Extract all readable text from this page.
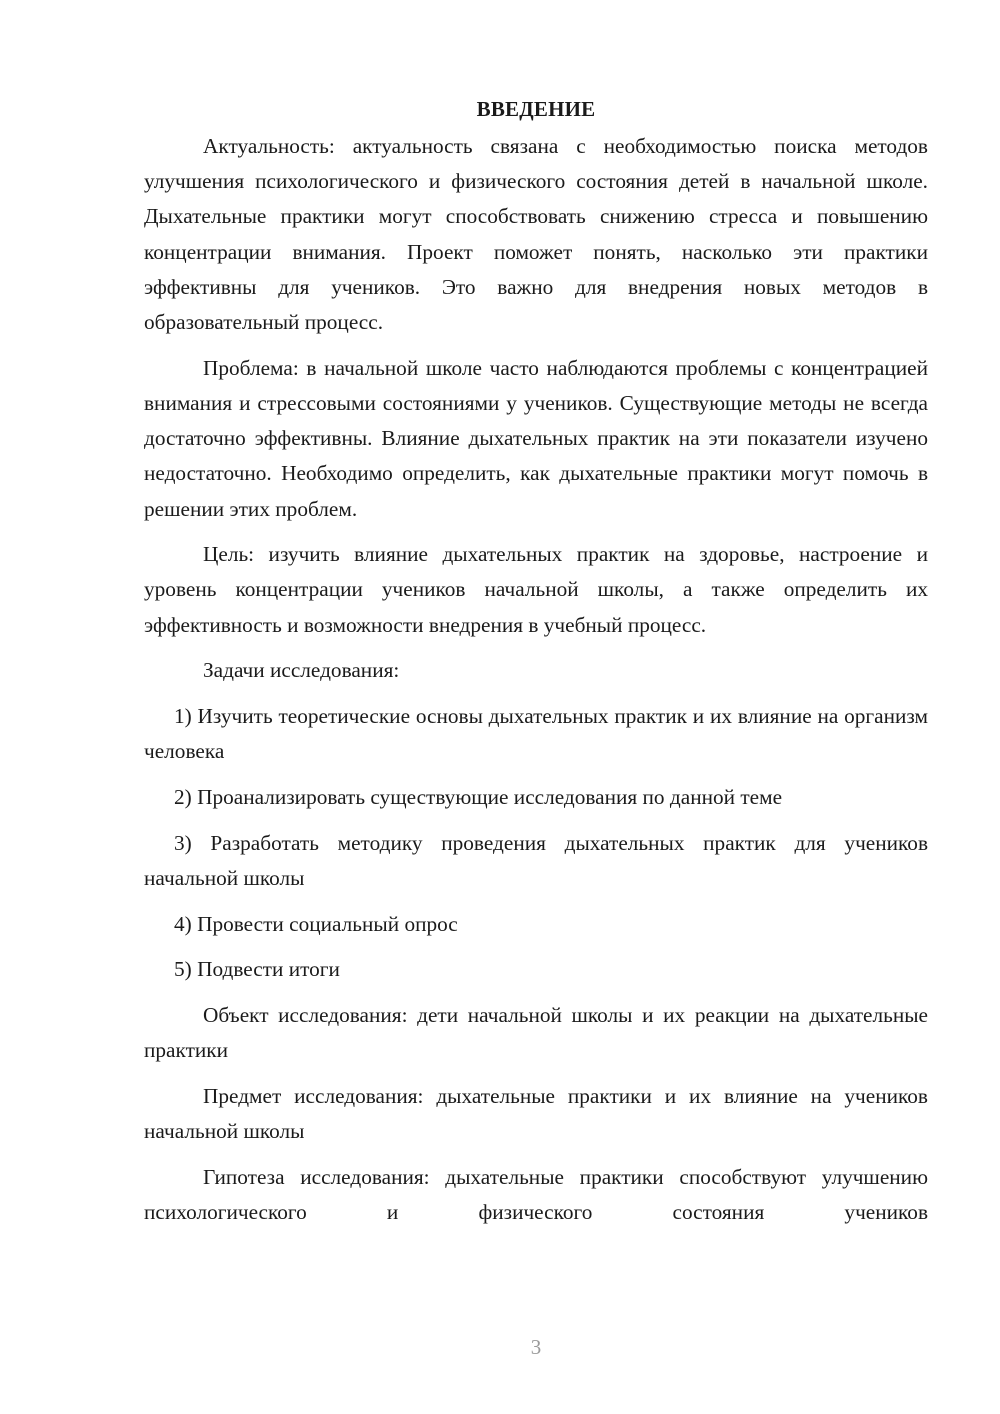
ВВЕДЕНИЕ

Актуальность: актуальность связана с необходимостью поиска методов улучшения психологического и физического состояния детей в начальной школе. Дыхательные практики могут способствовать снижению стресса и повышению концентрации внимания. Проект поможет понять, насколько эти практики эффективны для учеников. Это важно для внедрения новых методов в образовательный процесс.

Проблема: в начальной школе часто наблюдаются проблемы с концентрацией внимания и стрессовыми состояниями у учеников. Существующие методы не всегда достаточно эффективны. Влияние дыхательных практик на эти показатели изучено недостаточно. Необходимо определить, как дыхательные практики могут помочь в решении этих проблем.

Цель: изучить влияние дыхательных практик на здоровье, настроение и уровень концентрации учеников начальной школы, а также определить их эффективность и возможности внедрения в учебный процесс.

Задачи исследования:

1) Изучить теоретические основы дыхательных практик и их влияние на организм человека

2) Проанализировать существующие исследования по данной теме

3) Разработать методику проведения дыхательных практик для учеников начальной школы

4) Провести социальный опрос

5) Подвести итоги

Объект исследования: дети начальной школы и их реакции на дыхательные практики

Предмет исследования: дыхательные практики и их влияние на учеников начальной школы

Гипотеза исследования: дыхательные практики способствуют улучшению психологического и физического состояния учеников

3
